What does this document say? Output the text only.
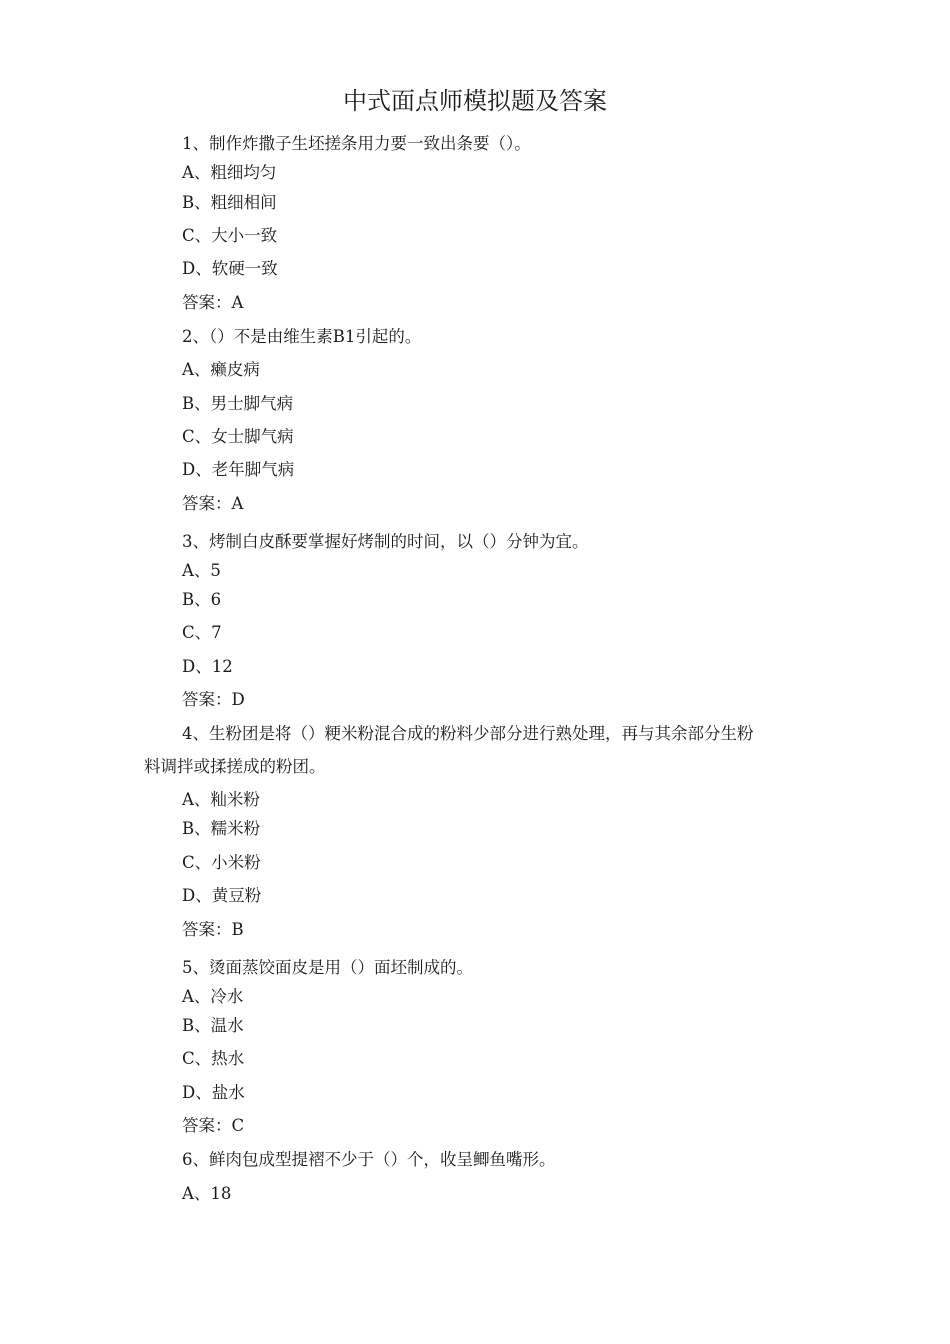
中式面点师模拟题及答案

1、制作炸撒子生坯搓条用力要一致出条要（）。

A、粗细均匀

B、粗细相间

C、大小一致

D、软硬一致

答案：A

2、（）不是由维生素B1引起的。

A、癞皮病

B、男士脚气病

C、女士脚气病

D、老年脚气病

答案：A

3、烤制白皮酥要掌握好烤制的时间，以（）分钟为宜。

A、5

B、6

C、7

D、12

答案：D

4、生粉团是将（）粳米粉混合成的粉料少部分进行熟处理，再与其余部分生粉

料调拌或揉搓成的粉团。

A、籼米粉

B、糯米粉

C、小米粉

D、黄豆粉

答案：B

5、烫面蒸饺面皮是用（）面坯制成的。

A、冷水

B、温水

C、热水

D、盐水

答案：C

6、鲜肉包成型提褶不少于（）个，收呈鲫鱼嘴形。

A、18
